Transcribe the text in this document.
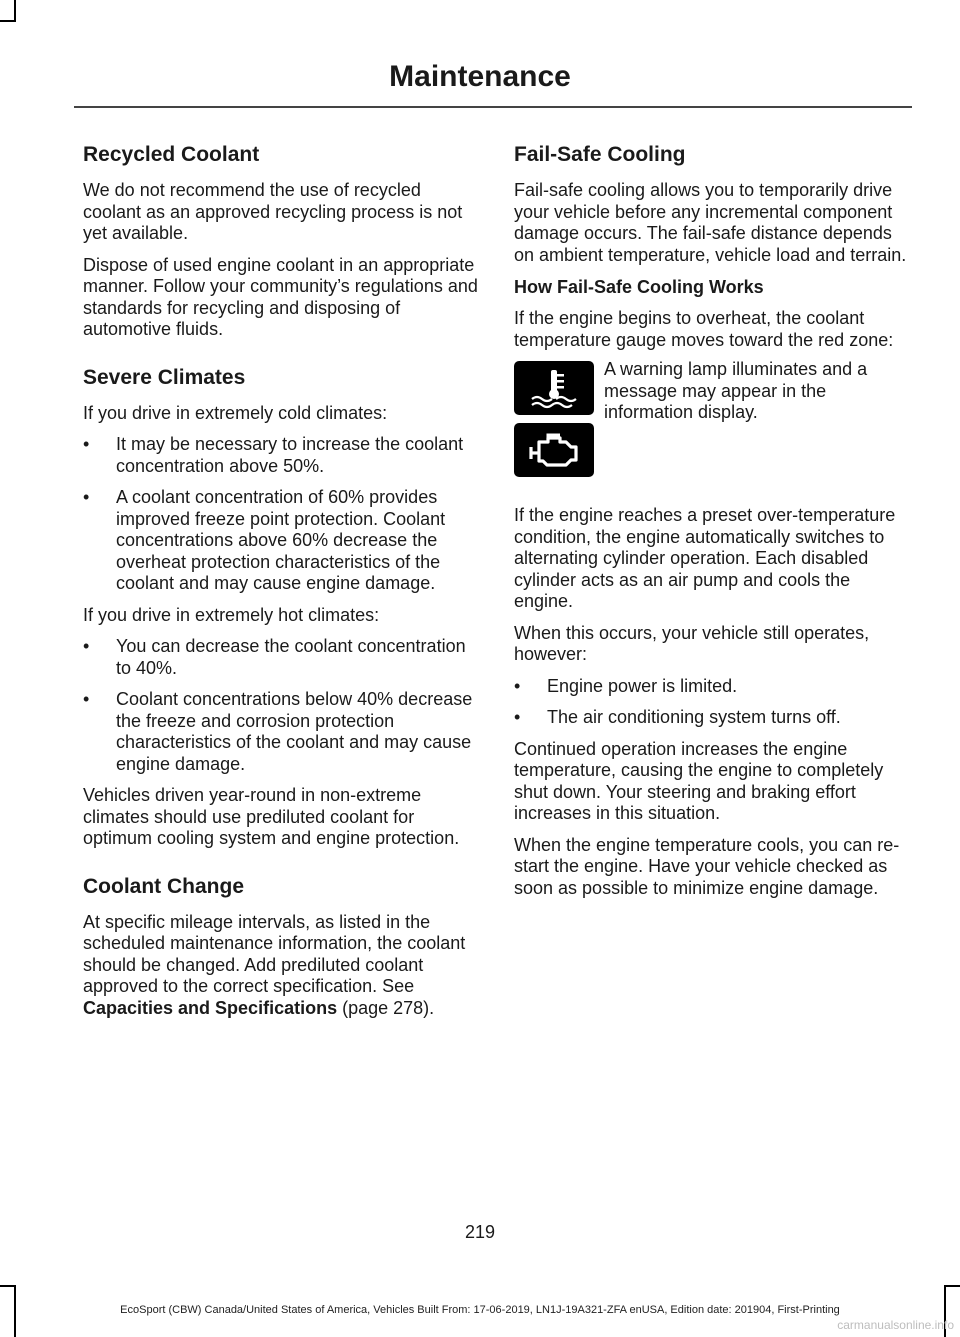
Maintenance
Recycled Coolant

We do not recommend the use of recycled coolant as an approved recycling process is not yet available.

Dispose of used engine coolant in an appropriate manner. Follow your community’s regulations and standards for recycling and disposing of automotive fluids.

Severe Climates

If you drive in extremely cold climates:

• It may be necessary to increase the coolant concentration above 50%.
• A coolant concentration of 60% provides improved freeze point protection. Coolant concentrations above 60% decrease the overheat protection characteristics of the coolant and may cause engine damage.

If you drive in extremely hot climates:

• You can decrease the coolant concentration to 40%.
• Coolant concentrations below 40% decrease the freeze and corrosion protection characteristics of the coolant and may cause engine damage.

Vehicles driven year-round in non-extreme climates should use prediluted coolant for optimum cooling system and engine protection.

Coolant Change

At specific mileage intervals, as listed in the scheduled maintenance information, the coolant should be changed. Add prediluted coolant approved to the correct specification. See Capacities and Specifications (page 278).

Fail-Safe Cooling

Fail-safe cooling allows you to temporarily drive your vehicle before any incremental component damage occurs. The fail-safe distance depends on ambient temperature, vehicle load and terrain.

How Fail-Safe Cooling Works

If the engine begins to overheat, the coolant temperature gauge moves toward the red zone:

A warning lamp illuminates and a message may appear in the information display.

If the engine reaches a preset over-temperature condition, the engine automatically switches to alternating cylinder operation. Each disabled cylinder acts as an air pump and cools the engine.

When this occurs, your vehicle still operates, however:

• Engine power is limited.
• The air conditioning system turns off.

Continued operation increases the engine temperature, causing the engine to completely shut down. Your steering and braking effort increases in this situation.

When the engine temperature cools, you can re-start the engine. Have your vehicle checked as soon as possible to minimize engine damage.

219

EcoSport (CBW) Canada/United States of America, Vehicles Built From: 17-06-2019, LN1J-19A321-ZFA enUSA, Edition date: 201904, First-Printing

carmanualsonline.info
